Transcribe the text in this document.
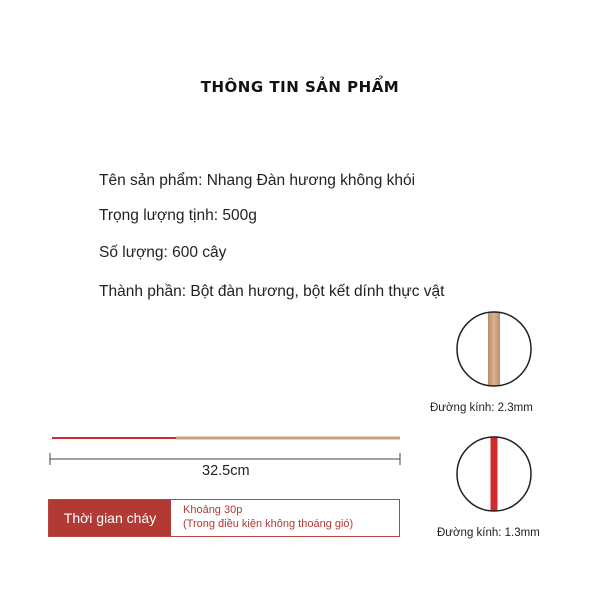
THÔNG TIN SẢN PHẨM
Tên sản phẩm: Nhang Đàn hương không khói
Trọng lượng tịnh: 500g
Số lượng: 600 cây
Thành phần: Bột đàn hương, bột kết dính thực vật
Đường kính: 2.3mm
Đường kính: 1.3mm
32.5cm
Thời gian cháy	Khoảng 30p
(Trong điều kiện không thoáng gió)
